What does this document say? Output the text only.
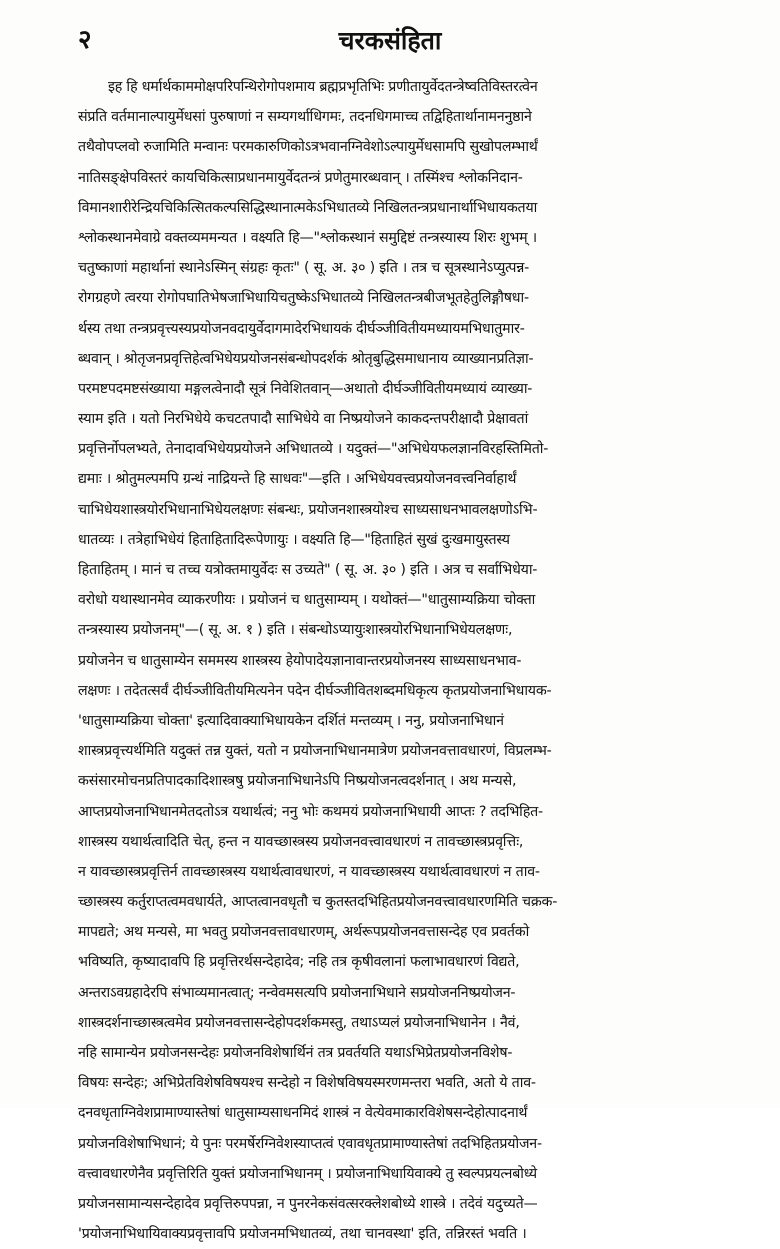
२	चरकसंहिता
इह हि धर्मार्थकाममोक्षपरिपन्थिरोगोपशमाय ब्रह्मप्रभृतिभिः प्रणीतायुर्वेदतन्त्रेष्वतिविस्तरत्वेन
संप्रति वर्तमानाल्पायुर्मेधसां पुरुषाणां न सम्यगर्थाधिगमः, तदनधिगमाच्च तद्विहितार्थानामननुष्ठाने
तथैवोपप्लवो रुजामिति मन्वानः परमकारुणिकोऽत्रभवानग्निवेशोऽल्पायुर्मेधसामपि सुखोपलम्भार्थं
नातिसङ्क्षेपविस्तरं कायचिकित्साप्रधानमायुर्वेदतन्त्रं प्रणेतुमारब्धवान् । तस्मिंश्च श्लोकनिदान-
विमानशारीरेन्द्रियचिकित्सितकल्पसिद्धिस्थानात्मकेऽभिधातव्ये निखिलतन्त्रप्रधानार्थाभिधायकतया
श्लोकस्थानमेवाग्रे वक्तव्यममन्यत । वक्ष्यति हि—"श्लोकस्थानं समुद्दिष्टं तन्त्रस्यास्य शिरः शुभम् ।
चतुष्काणां महार्थानां स्थानेऽस्मिन् संग्रहः कृतः" ( सू. अ. ३० ) इति । तत्र च सूत्रस्थानेऽप्युत्पन्न-
रोगग्रहणे त्वरया रोगोपघातिभेषजाभिधायिचतुष्केऽभिधातव्ये निखिलतन्त्रबीजभूतहेतुलिङ्गौषधा-
र्थस्य तथा तन्त्रप्रवृत्त्यस्यप्रयोजनवदायुर्वेदागमादेरभिधायकं दीर्घञ्जीवितीयमध्यायमभिधातुमार-
ब्धवान् । श्रोतृजनप्रवृत्तिहेत्वभिधेयप्रयोजनसंबन्धोपदर्शकं श्रोतृबुद्धिसमाधानाय व्याख्यानप्रतिज्ञा-
परमष्टपदमष्टसंख्याया मङ्गलत्वेनादौ सूत्रं निवेशितवान्—अथातो दीर्घञ्जीवितीयमध्यायं व्याख्या-
स्याम इति । यतो निरभिधेये कचटतपादौ साभिधेये वा निष्प्रयोजने काकदन्तपरीक्षादौ प्रेक्षावतां
प्रवृत्तिर्नोपलभ्यते, तेनादावभिधेयप्रयोजने अभिधातव्ये । यदुक्तं—"अभिधेयफलज्ञानविरहस्तिमितो-
द्यमाः । श्रोतुमल्पमपि ग्रन्थं नाद्रियन्ते हि साधवः"—इति । अभिधेयवत्त्वप्रयोजनवत्त्वनिर्वाहार्थं
चाभिधेयशास्त्रयोरभिधानाभिधेयलक्षणः संबन्धः, प्रयोजनशास्त्रयोश्च साध्यसाधनभावलक्षणोऽभि-
धातव्यः । तत्रेहाभिधेयं हिताहितादिरूपेणायुः । वक्ष्यति हि—"हिताहितं सुखं दुःखमायुस्तस्य
हिताहितम् । मानं च तच्च यत्रोक्तमायुर्वेदः स उच्यते" ( सू. अ. ३० ) इति । अत्र च सर्वाभिधेया-
वरोधो यथास्थानमेव व्याकरणीयः । प्रयोजनं च धातुसाम्यम् । यथोक्तं—"धातुसाम्यक्रिया चोक्ता
तन्त्रस्यास्य प्रयोजनम्"—( सू. अ. १ ) इति । संबन्धोऽप्यायुःशास्त्रयोरभिधानाभिधेयलक्षणः,
प्रयोजनेन च धातुसाम्येन सममस्य शास्त्रस्य हेयोपादेयज्ञानावान्तरप्रयोजनस्य साध्यसाधनभाव-
लक्षणः । तदेतत्सर्वं दीर्घञ्जीवितीयमित्यनेन पदेन दीर्घञ्जीवितशब्दमधिकृत्य कृतप्रयोजनाभिधायक-
'धातुसाम्यक्रिया चोक्ता' इत्यादिवाक्याभिधायकेन दर्शितं मन्तव्यम् । ननु, प्रयोजनाभिधानं
शास्त्रप्रवृत्त्यर्थमिति यदुक्तं तन्न युक्तं, यतो न प्रयोजनाभिधानमात्रेण प्रयोजनवत्तावधारणं, विप्रलम्भ-
कसंसारमोचनप्रतिपादकादिशास्त्रषु प्रयोजनाभिधानेऽपि निष्प्रयोजनत्वदर्शनात् । अथ मन्यसे,
आप्तप्रयोजनाभिधानमेतदतोऽत्र यथार्थत्वं; ननु भोः कथमयं प्रयोजनाभिधायी आप्तः ? तदभिहित-
शास्त्रस्य यथार्थत्वादिति चेत्, हन्त न यावच्छास्त्रस्य प्रयोजनवत्त्वावधारणं न तावच्छास्त्रप्रवृत्तिः,
न यावच्छास्त्रप्रवृत्तिर्न तावच्छास्त्रस्य यथार्थत्वावधारणं, न यावच्छास्त्रस्य यथार्थत्वावधारणं न ताव-
च्छास्त्रस्य कर्तुराप्तत्वमवधार्यते, आप्तत्वानवधृतौ च कुतस्तदभिहितप्रयोजनवत्त्वावधारणमिति चक्रक-
मापद्यते; अथ मन्यसे, मा भवतु प्रयोजनवत्तावधारणम्, अर्थरूपप्रयोजनवत्तासन्देह एव प्रवर्तको
भविष्यति, कृष्यादावपि हि प्रवृत्तिरर्थसन्देहादेव; नहि तत्र कृषीवलानां फलाभावधारणं विद्यते,
अन्तराऽवग्रहादेरपि संभाव्यमानत्वात्; नन्वेवमसत्यपि प्रयोजनाभिधाने सप्रयोजननिष्प्रयोजन-
शास्त्रदर्शनाच्छास्त्रत्वमेव प्रयोजनवत्तासन्देहोपदर्शकमस्तु, तथाऽप्यलं प्रयोजनाभिधानेन । नैवं,
नहि सामान्येन प्रयोजनसन्देहः प्रयोजनविशेषार्थिनं तत्र प्रवर्तयति यथाऽभिप्रेतप्रयोजनविशेष-
विषयः सन्देहः; अभिप्रेतविशेषविषयश्च सन्देहो न विशेषविषयस्मरणमन्तरा भवति, अतो ये ताव-
दनवधृताग्निवेशप्रामाण्यास्तेषां धातुसाम्यसाधनमिदं शास्त्रं न वेत्येवमाकारविशेषसन्देहोत्पादनार्थं
प्रयोजनविशेषाभिधानं; ये पुनः परमर्षेरग्निवेशस्याप्तत्वं एवावधृतप्रामाण्यास्तेषां तदभिहितप्रयोजन-
वत्त्वावधारणेनैव प्रवृत्तिरिति युक्तं प्रयोजनाभिधानम् । प्रयोजनाभिधायिवाक्ये तु स्वल्पप्रयत्नबोध्ये
प्रयोजनसामान्यसन्देहादेव प्रवृत्तिरुपपन्ना, न पुनरनेकसंवत्सरक्लेशबोध्ये शास्त्रे । तदेवं यदुच्यते—
'प्रयोजनाभिधायिवाक्यप्रवृत्तावपि प्रयोजनमभिधातव्यं, तथा चानवस्था' इति, तन्निरस्तं भवति ।
